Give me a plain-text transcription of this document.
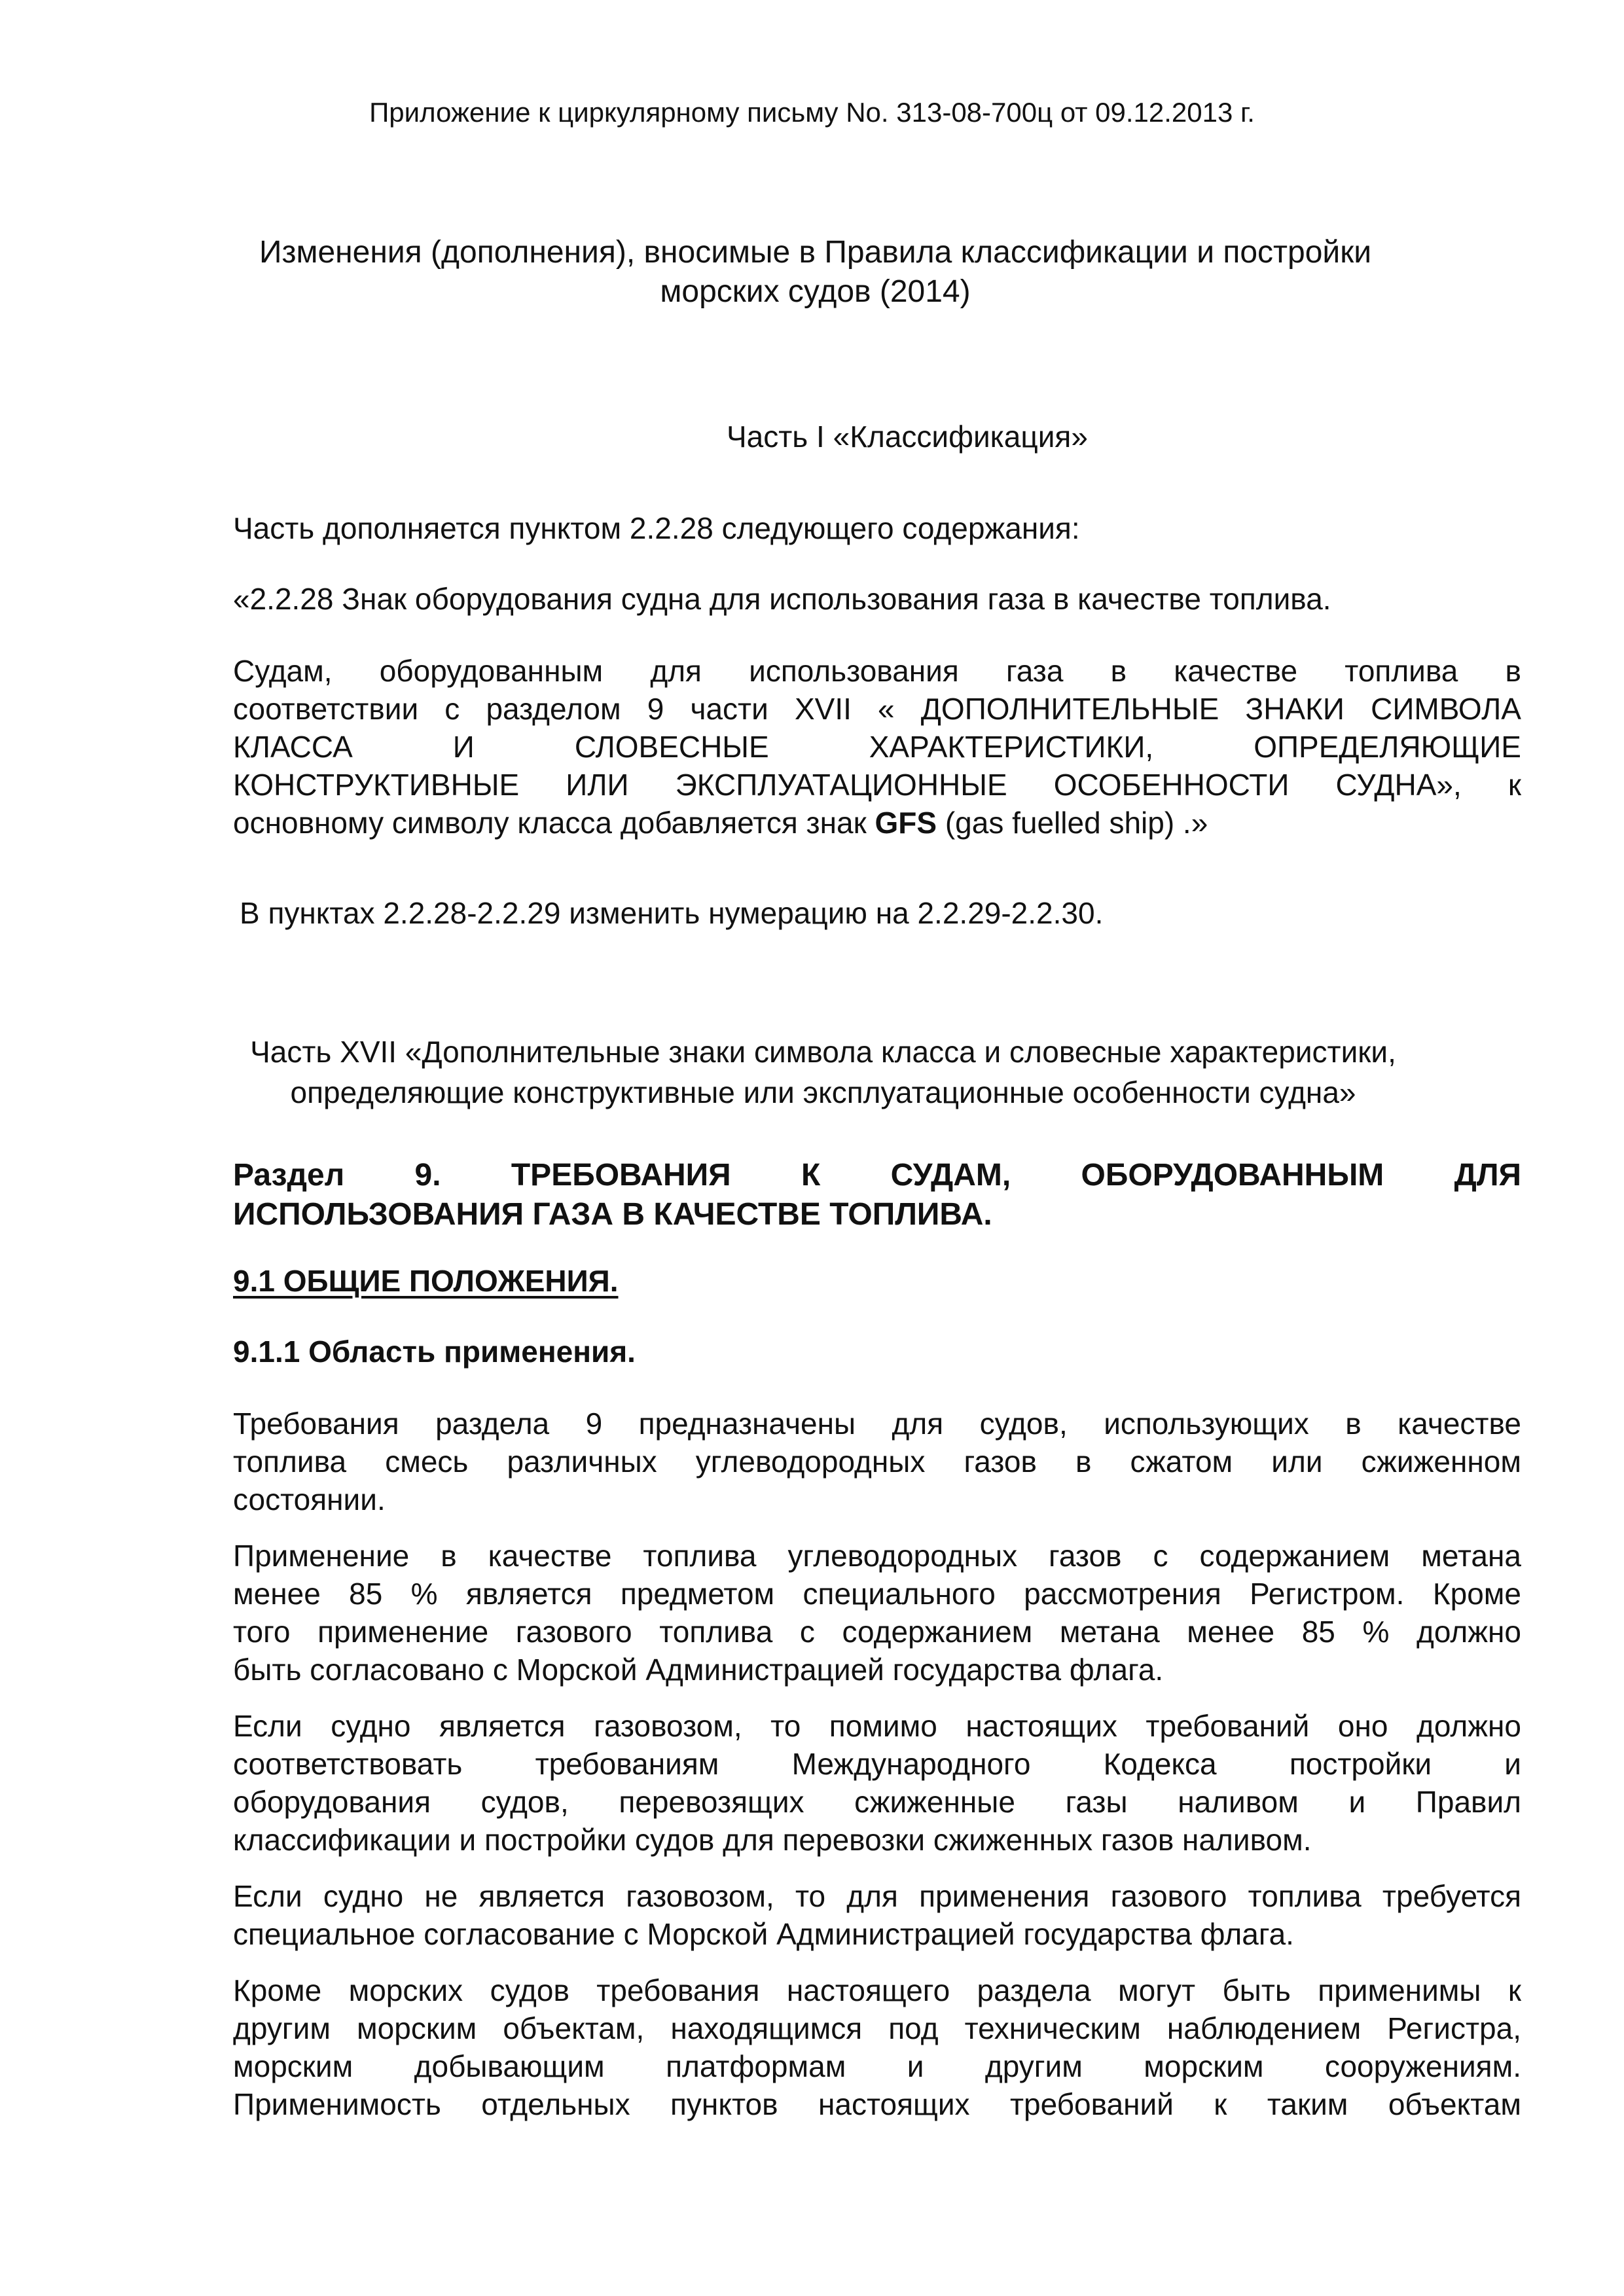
Приложение к циркулярному письму No. 313-08-700ц от 09.12.2013 г.

Изменения (дополнения), вносимые в Правила классификации и постройки

морских судов (2014)

Часть I «Классификация»

Часть дополняется пунктом 2.2.28 следующего содержания:

«2.2.28 Знак оборудования судна для использования газа в качестве топлива.

Судам, оборудованным для использования газа в качестве топлива в
соответствии с разделом 9 части XVII « ДОПОЛНИТЕЛЬНЫЕ ЗНАКИ СИМВОЛА
КЛАССА И СЛОВЕСНЫЕ ХАРАКТЕРИСТИКИ, ОПРЕДЕЛЯЮЩИЕ
КОНСТРУКТИВНЫЕ ИЛИ ЭКСПЛУАТАЦИОННЫЕ ОСОБЕННОСТИ СУДНА», к
основному символу класса добавляется знак GFS (gas fuelled ship) .»

В пунктах 2.2.28-2.2.29 изменить нумерацию на 2.2.29-2.2.30.

Часть XVII «Дополнительные знаки символа класса и словесные характеристики,

определяющие конструктивные или эксплуатационные особенности судна»

Раздел 9. ТРЕБОВАНИЯ К СУДАМ, ОБОРУДОВАННЫМ ДЛЯ
ИСПОЛЬЗОВАНИЯ ГАЗА В КАЧЕСТВЕ ТОПЛИВА.

9.1 ОБЩИЕ ПОЛОЖЕНИЯ.

9.1.1 Область применения.

Требования раздела 9 предназначены для судов, использующих в качестве
топлива смесь различных углеводородных газов в сжатом или сжиженном
состоянии.
Применение в качестве топлива углеводородных газов с содержанием метана
менее 85 % является предметом специального рассмотрения Регистром. Кроме
того применение газового топлива с содержанием метана менее 85 % должно
быть согласовано с Морской Администрацией государства флага.
Если судно является газовозом, то помимо настоящих требований оно должно
соответствовать требованиям Международного Кодекса постройки и
оборудования судов, перевозящих сжиженные газы наливом и Правил
классификации и постройки судов для перевозки сжиженных газов наливом.
Если судно не является газовозом, то для применения газового топлива требуется
специальное согласование с Морской Администрацией государства флага.
Кроме морских судов требования настоящего раздела могут быть применимы к
другим морским объектам, находящимся под техническим наблюдением Регистра,
морским добывающим платформам и другим морским сооружениям.
Применимость отдельных пунктов настоящих требований к таким объектам
